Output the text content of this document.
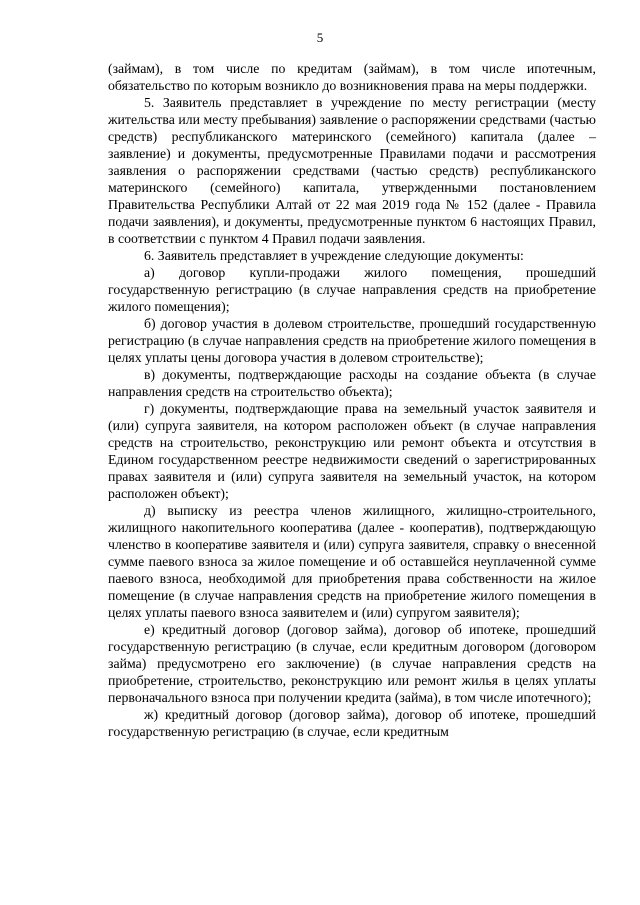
5

(займам), в том числе по кредитам (займам), в том числе ипотечным, обязательство по которым возникло до возникновения права на меры поддержки.

5. Заявитель представляет в учреждение по месту регистрации (месту жительства или месту пребывания) заявление о распоряжении средствами (частью средств) республиканского материнского (семейного) капитала (далее – заявление) и документы, предусмотренные Правилами подачи и рассмотрения заявления о распоряжении средствами (частью средств) республиканского материнского (семейного) капитала, утвержденными постановлением Правительства Республики Алтай от 22 мая 2019 года № 152 (далее - Правила подачи заявления), и документы, предусмотренные пунктом 6 настоящих Правил, в соответствии с пунктом 4 Правил подачи заявления.

6. Заявитель представляет в учреждение следующие документы:

а) договор купли-продажи жилого помещения, прошедший государственную регистрацию (в случае направления средств на приобретение жилого помещения);

б) договор участия в долевом строительстве, прошедший государственную регистрацию (в случае направления средств на приобретение жилого помещения в целях уплаты цены договора участия в долевом строительстве);

в) документы, подтверждающие расходы на создание объекта (в случае направления средств на строительство объекта);

г) документы, подтверждающие права на земельный участок заявителя и (или) супруга заявителя, на котором расположен объект (в случае направления средств на строительство, реконструкцию или ремонт объекта и отсутствия в Едином государственном реестре недвижимости сведений о зарегистрированных правах заявителя и (или) супруга заявителя на земельный участок, на котором расположен объект);

д) выписку из реестра членов жилищного, жилищно-строительного, жилищного накопительного кооператива (далее - кооператив), подтверждающую членство в кооперативе заявителя и (или) супруга заявителя, справку о внесенной сумме паевого взноса за жилое помещение и об оставшейся неуплаченной сумме паевого взноса, необходимой для приобретения права собственности на жилое помещение (в случае направления средств на приобретение жилого помещения в целях уплаты паевого взноса заявителем и (или) супругом заявителя);

е) кредитный договор (договор займа), договор об ипотеке, прошедший государственную регистрацию (в случае, если кредитным договором (договором займа) предусмотрено его заключение) (в случае направления средств на приобретение, строительство, реконструкцию или ремонт жилья в целях уплаты первоначального взноса при получении кредита (займа), в том числе ипотечного);

ж) кредитный договор (договор займа), договор об ипотеке, прошедший государственную регистрацию (в случае, если кредитным
